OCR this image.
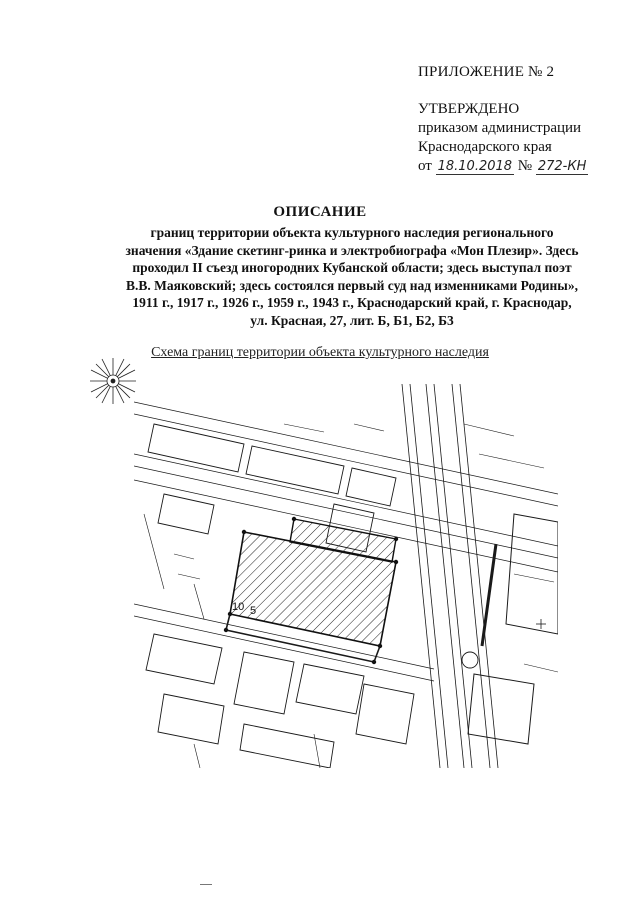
ПРИЛОЖЕНИЕ № 2
УТВЕРЖДЕНО
приказом администрации
Краснодарского края
от 18.10.2018 № 272-КН
ОПИСАНИЕ
границ территории объекта культурного наследия регионального
значения «Здание скетинг-ринка и электробиографа «Мон Плезир». Здесь
проходил II съезд иногородних Кубанской области; здесь выступал поэт
В.В. Маяковский; здесь состоялся первый суд над изменниками Родины»,
1911 г., 1917 г., 1926 г., 1959 г., 1943 г., Краснодарский край, г. Краснодар,
ул. Красная, 27, лит. Б, Б1, Б2, Б3
Схема границ территории объекта культурного наследия
10 5
